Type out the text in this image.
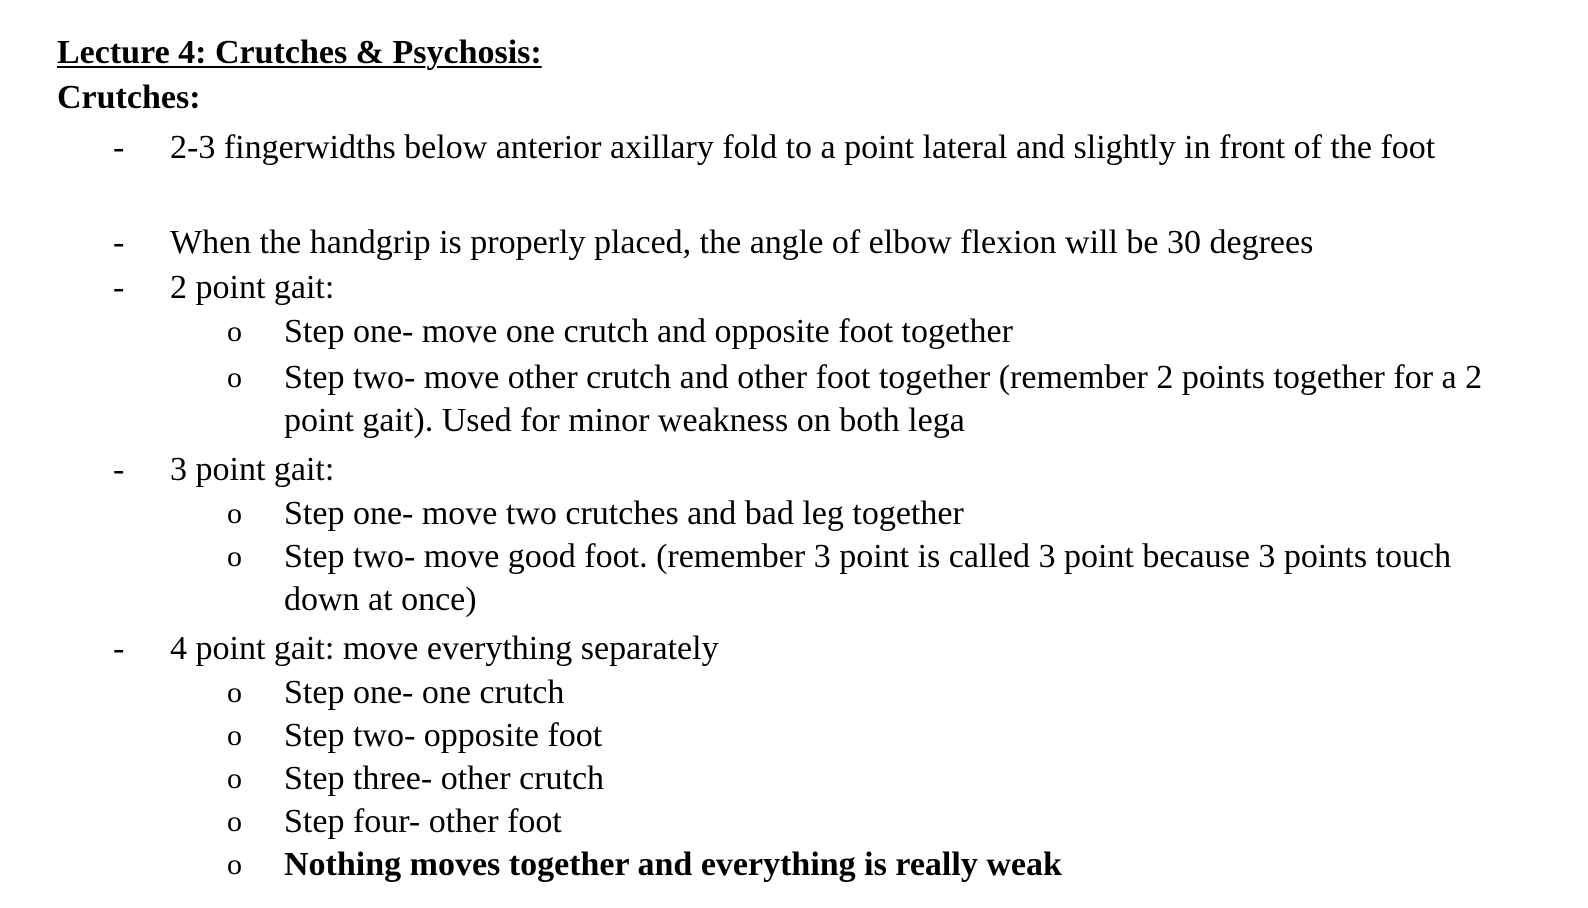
Lecture 4: Crutches & Psychosis:
Crutches:
- 2-3 fingerwidths below anterior axillary fold to a point lateral and slightly in front of the foot
- When the handgrip is properly placed, the angle of elbow flexion will be 30 degrees
- 2 point gait:
o Step one- move one crutch and opposite foot together
o Step two- move other crutch and other foot together (remember 2 points together for a 2 point gait). Used for minor weakness on both lega
- 3 point gait:
o Step one- move two crutches and bad leg together
o Step two- move good foot. (remember 3 point is called 3 point because 3 points touch down at once)
- 4 point gait: move everything separately
o Step one- one crutch
o Step two- opposite foot
o Step three- other crutch
o Step four- other foot
o Nothing moves together and everything is really weak
